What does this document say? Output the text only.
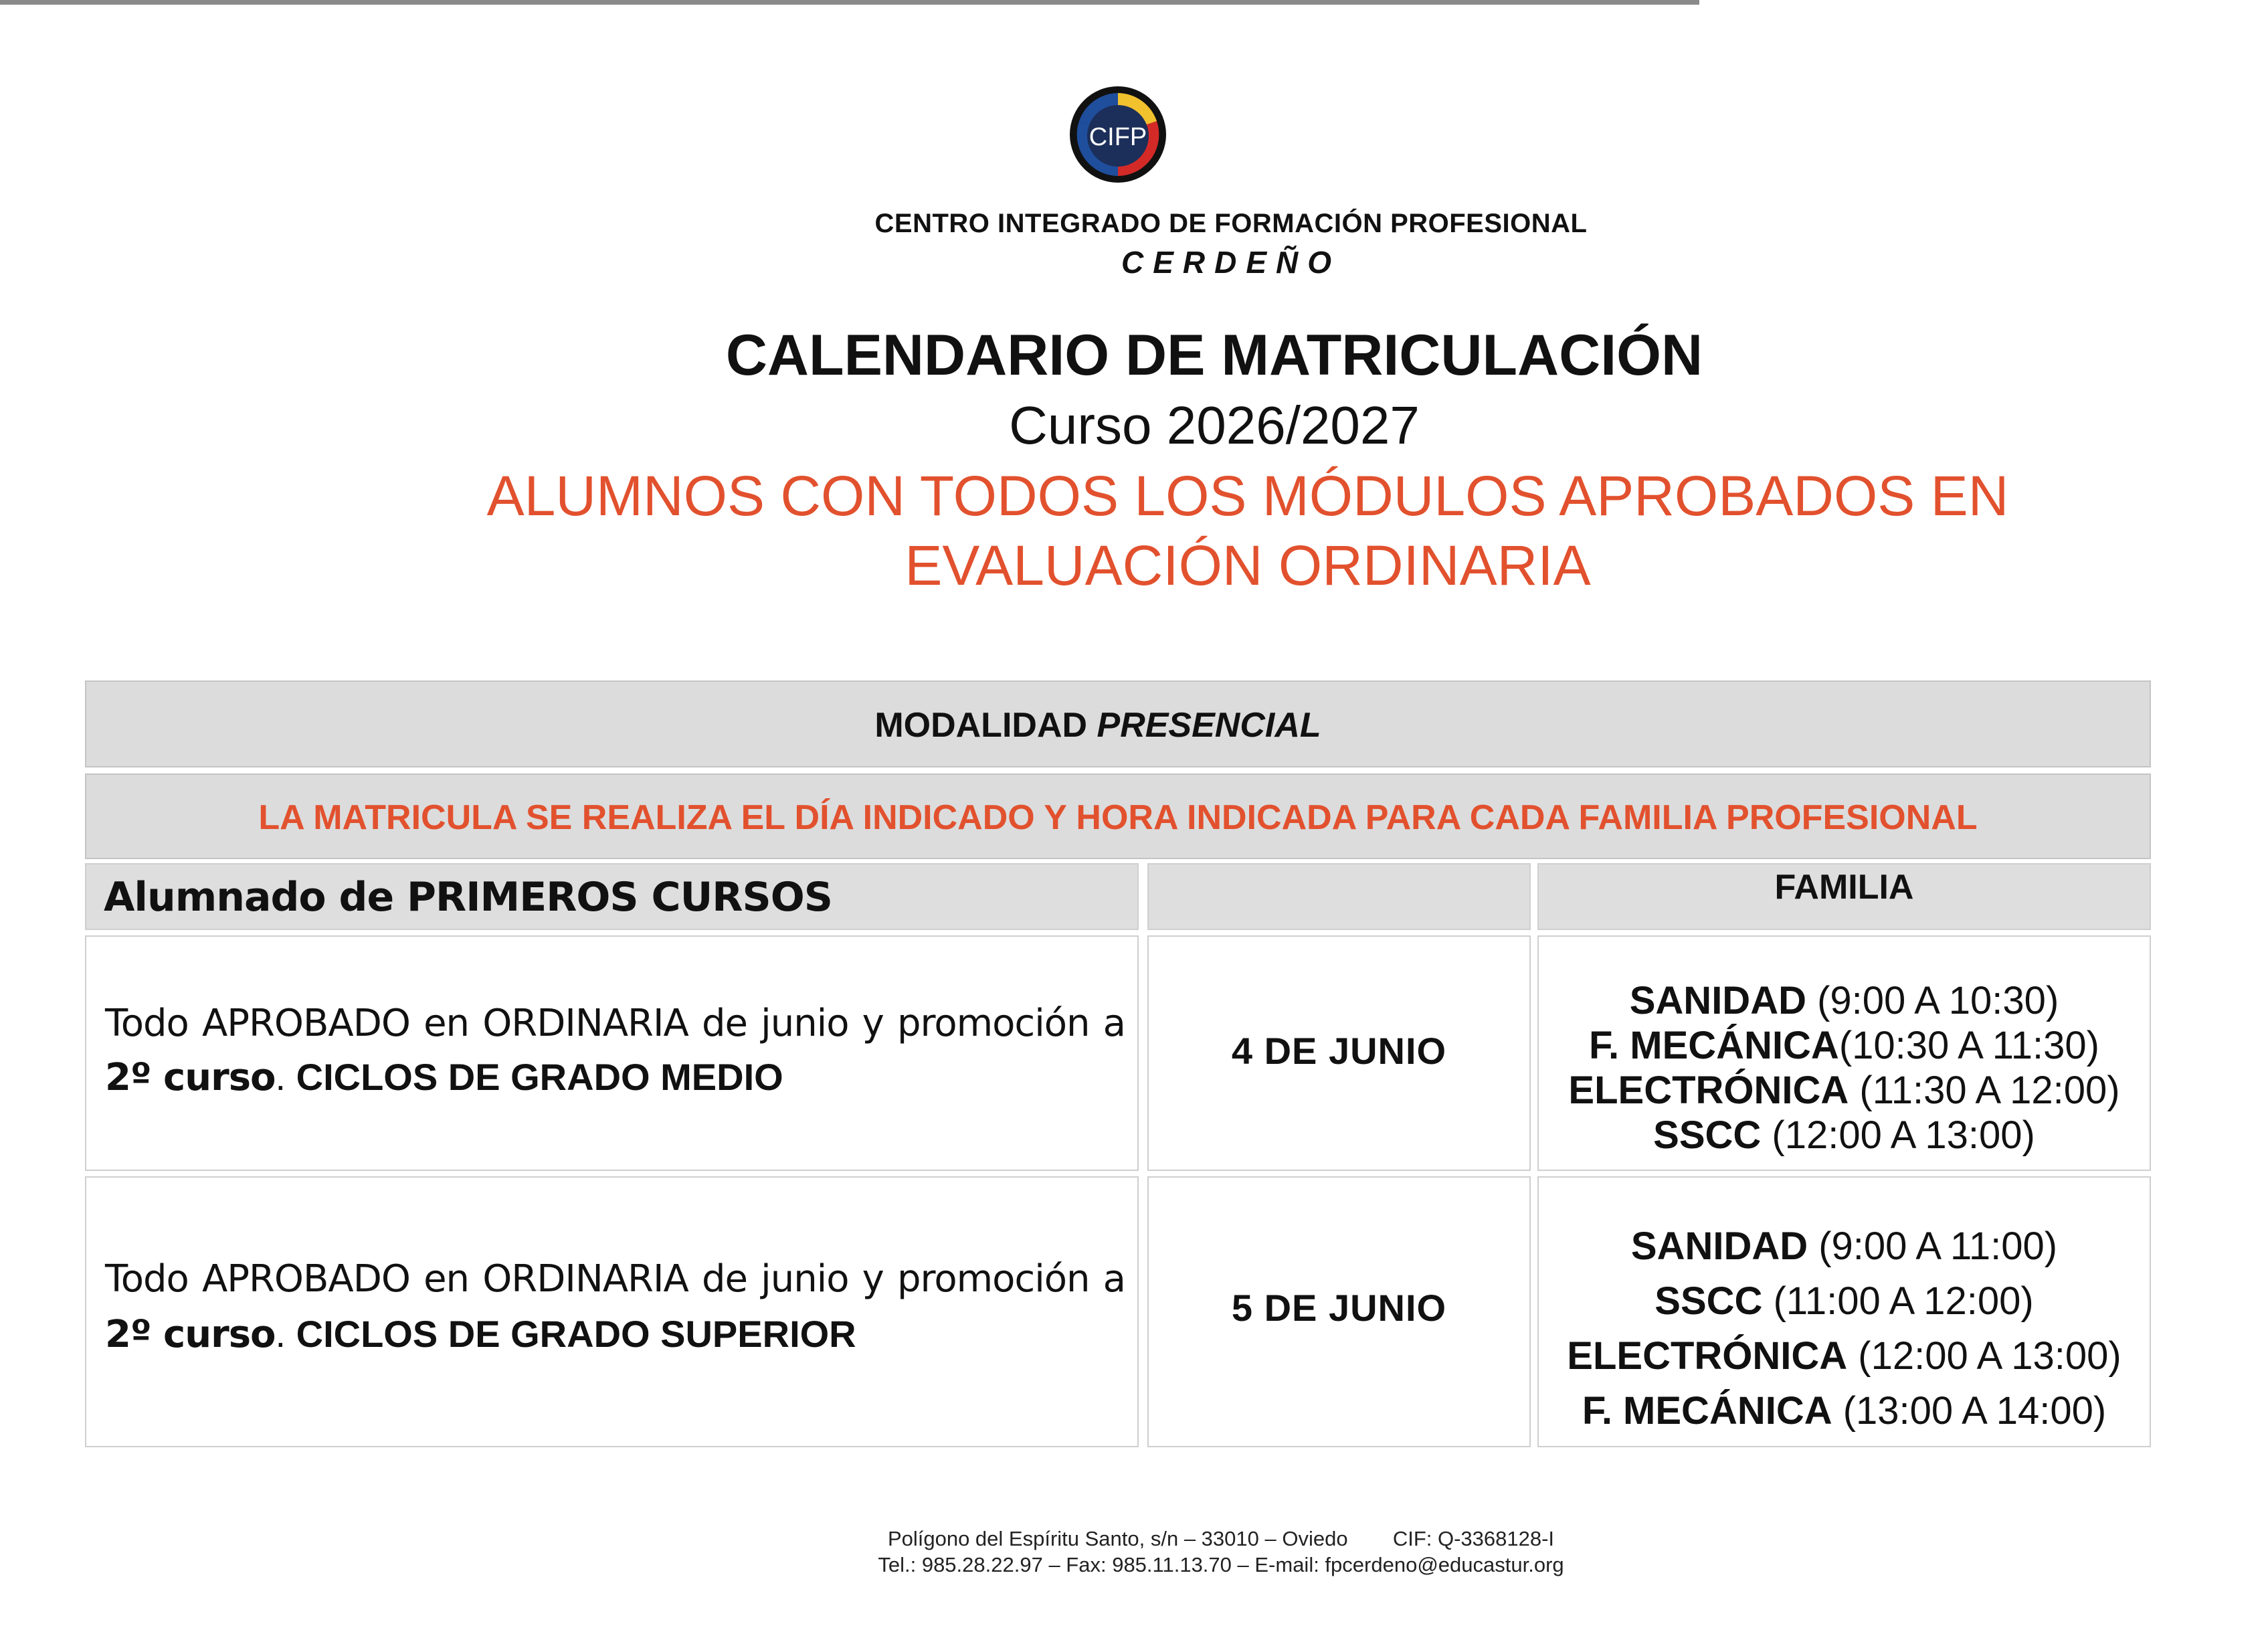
CIFP
CENTRO INTEGRADO DE FORMACIÓN PROFESIONAL
CERDEÑO
CALENDARIO DE MATRICULACIÓN
Curso 2026/2027
ALUMNOS CON TODOS LOS MÓDULOS APROBADOS EN
EVALUACIÓN ORDINARIA
MODALIDAD PRESENCIAL
LA MATRICULA SE REALIZA EL DÍA INDICADO Y HORA INDICADA PARA CADA FAMILIA PROFESIONAL
Alumnado de PRIMEROS CURSOS	FAMILIA
Todo APROBADO en ORDINARIA de junio y promoción a
2º curso. CICLOS DE GRADO MEDIO
4 DE JUNIO
SANIDAD (9:00 A 10:30)
F. MECÁNICA(10:30 A 11:30)
ELECTRÓNICA (11:30 A 12:00)
SSCC (12:00 A 13:00)
Todo APROBADO en ORDINARIA de junio y promoción a
2º curso. CICLOS DE GRADO SUPERIOR
5 DE JUNIO
SANIDAD (9:00 A 11:00)
SSCC (11:00 A 12:00)
ELECTRÓNICA (12:00 A 13:00)
F. MECÁNICA (13:00 A 14:00)
Polígono del Espíritu Santo, s/n – 33010 – Oviedo CIF: Q-3368128-I
Tel.: 985.28.22.97 – Fax: 985.11.13.70 – E-mail: fpcerdeno@educastur.org
